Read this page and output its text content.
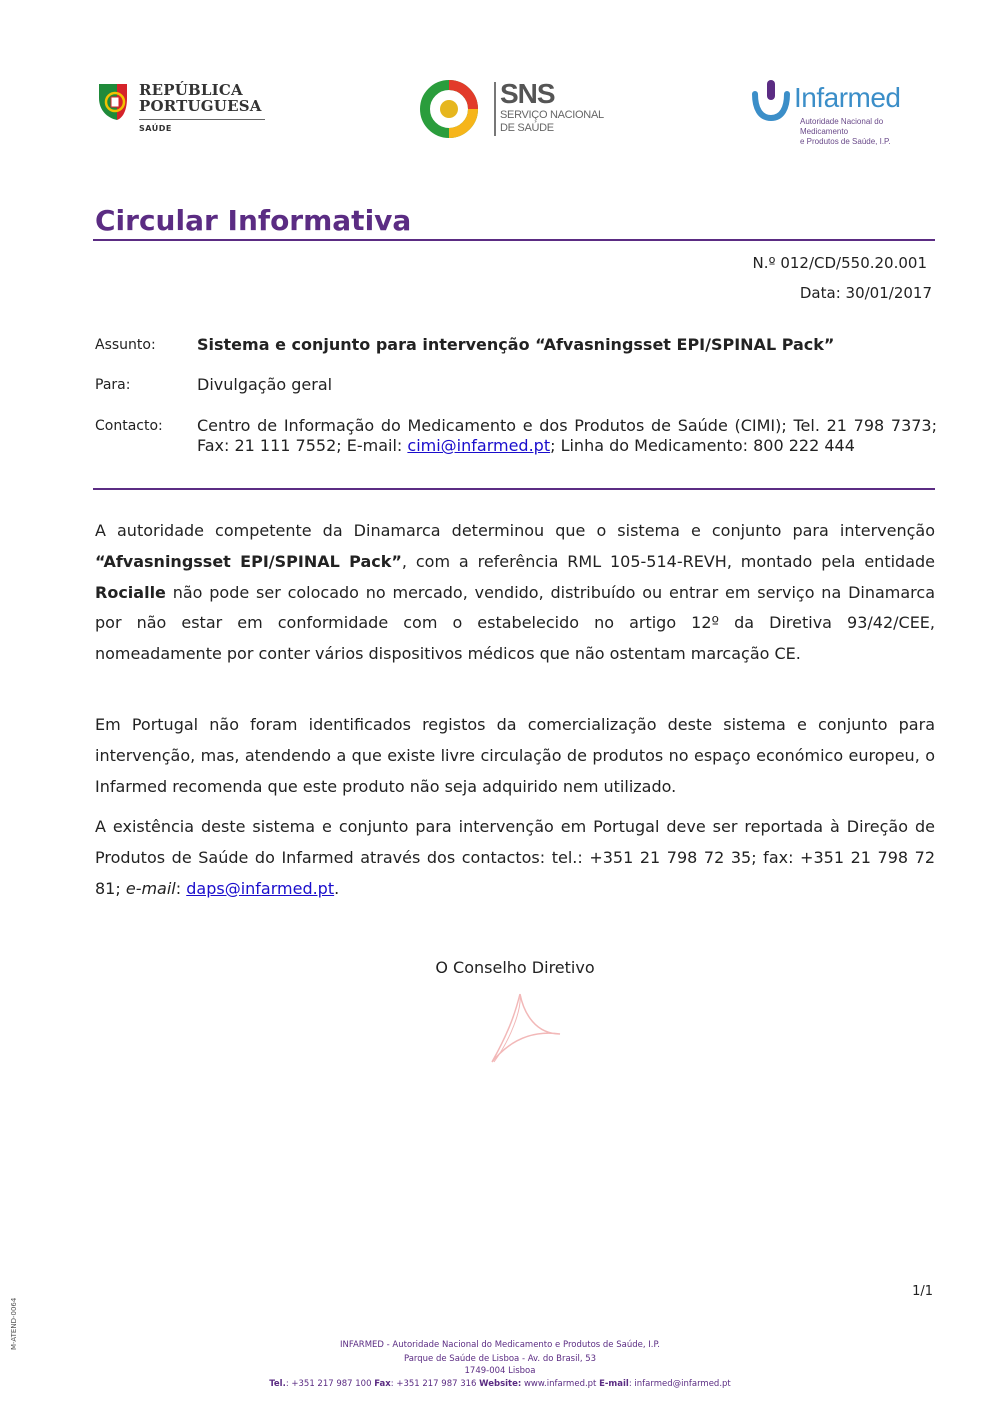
REPÚBLICA
PORTUGUESA
SAÚDE
SNS
SERVIÇO NACIONAL
DE SAÚDE
Infarmed
Autoridade Nacional do Medicamento
e Produtos de Saúde, I.P.
Circular Informativa
N.º 012/CD/550.20.001
Data: 30/01/2017
Assunto:	Sistema e conjunto para intervenção “Afvasningsset EPI/SPINAL Pack”
Para:	Divulgação geral
Contacto: Centro de Informação do Medicamento e dos Produtos de Saúde (CIMI); Tel. 21 798 7373; Fax: 21 111 7552; E-mail: cimi@infarmed.pt; Linha do Medicamento: 800 222 444

A autoridade competente da Dinamarca determinou que o sistema e conjunto para intervenção “Afvasningsset EPI/SPINAL Pack”, com a referência RML 105-514-REVH, montado pela entidade Rocialle não pode ser colocado no mercado, vendido, distribuído ou entrar em serviço na Dinamarca por não estar em conformidade com o estabelecido no artigo 12º da Diretiva 93/42/CEE, nomeadamente por conter vários dispositivos médicos que não ostentam marcação CE.

Em Portugal não foram identificados registos da comercialização deste sistema e conjunto para intervenção, mas, atendendo a que existe livre circulação de produtos no espaço económico europeu, o Infarmed recomenda que este produto não seja adquirido nem utilizado.

A existência deste sistema e conjunto para intervenção em Portugal deve ser reportada à Direção de Produtos de Saúde do Infarmed através dos contactos: tel.: +351 21 798 72 35; fax: +351 21 798 72 81; e-mail: daps@infarmed.pt.

O Conselho Diretivo
1/1
M-ATEND-0064	INFARMED - Autoridade Nacional do Medicamento e Produtos de Saúde, I.P.
Parque de Saúde de Lisboa - Av. do Brasil, 53
1749-004 Lisboa
Tel.: +351 217 987 100 Fax: +351 217 987 316 Website: www.infarmed.pt E-mail: infarmed@infarmed.pt
